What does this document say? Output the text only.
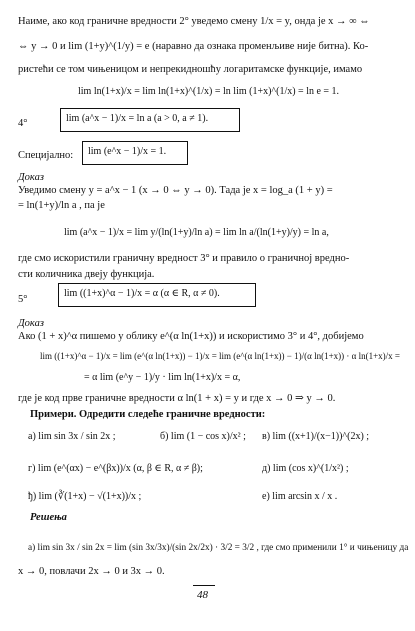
Наиме, ако код граничне вредности 2° уведемо смену 1/x = y, онда је x → ∞ ⇔
⇔ y → 0 и lim (1+y)^(1/y) = e (наравно да ознака променљиве није битна). Ко-
ристећи се том чињеницом и непрекидношћу логаритамске функције, имамо
lim ln(1+x)/x = lim ln(1+x)^(1/x) = ln lim (1+x)^(1/x) = ln e = 1.
4°	lim (a^x − 1)/x = ln a (a > 0, a ≠ 1).
Специјално: lim (e^x − 1)/x = 1.
Доказ
Уведимо смену y = a^x − 1 (x → 0 ⇔ y → 0). Тада је x = log_a (1 + y) =
= ln(1+y)/ln a , па је
lim (a^x − 1)/x = lim y/(ln(1+y)/ln a) = lim ln a/(ln(1+y)/y) = ln a,
где смо искористили граничну вредност 3° и правило о граничној вредно-
сти количника двеју функција.
5°
lim ((1+x)^α − 1)/x = α (α ∈ R, α ≠ 0).
Доказ
Ако (1 + x)^α пишемо у облику e^(α ln(1+x)) и искористимо 3° и 4°, добијемо
lim ((1+x)^α − 1)/x = lim (e^(α ln(1+x)) − 1)/x = lim (e^(α ln(1+x)) − 1)/(α ln(1+x)) · α ln(1+x)/x =
= α lim (e^y − 1)/y · lim ln(1+x)/x = α,
где је код прве граничне вредности α ln(1 + x) = y и где x → 0 ⇒ y → 0.
Примери. Одредити следеће граничне вредности:
а) lim sin 3x / sin 2x ;	б) lim (1 − cos x)/x² ; в) lim ((x+1)/(x−1))^(2x) ;
г) lim (e^(αx) − e^(βx))/x (α, β ∈ R, α ≠ β);	д) lim (cos x)^(1/x²) ;
ђ) lim (∛(1+x) − √(1+x))/x ;	е) lim arcsin x / x .
Решења
а) lim sin 3x / sin 2x = lim (sin 3x/3x)/(sin 2x/2x) · 3/2 = 3/2 , где смо применили 1° и чињеницу да
x → 0, повлачи 2x → 0 и 3x → 0.
48
